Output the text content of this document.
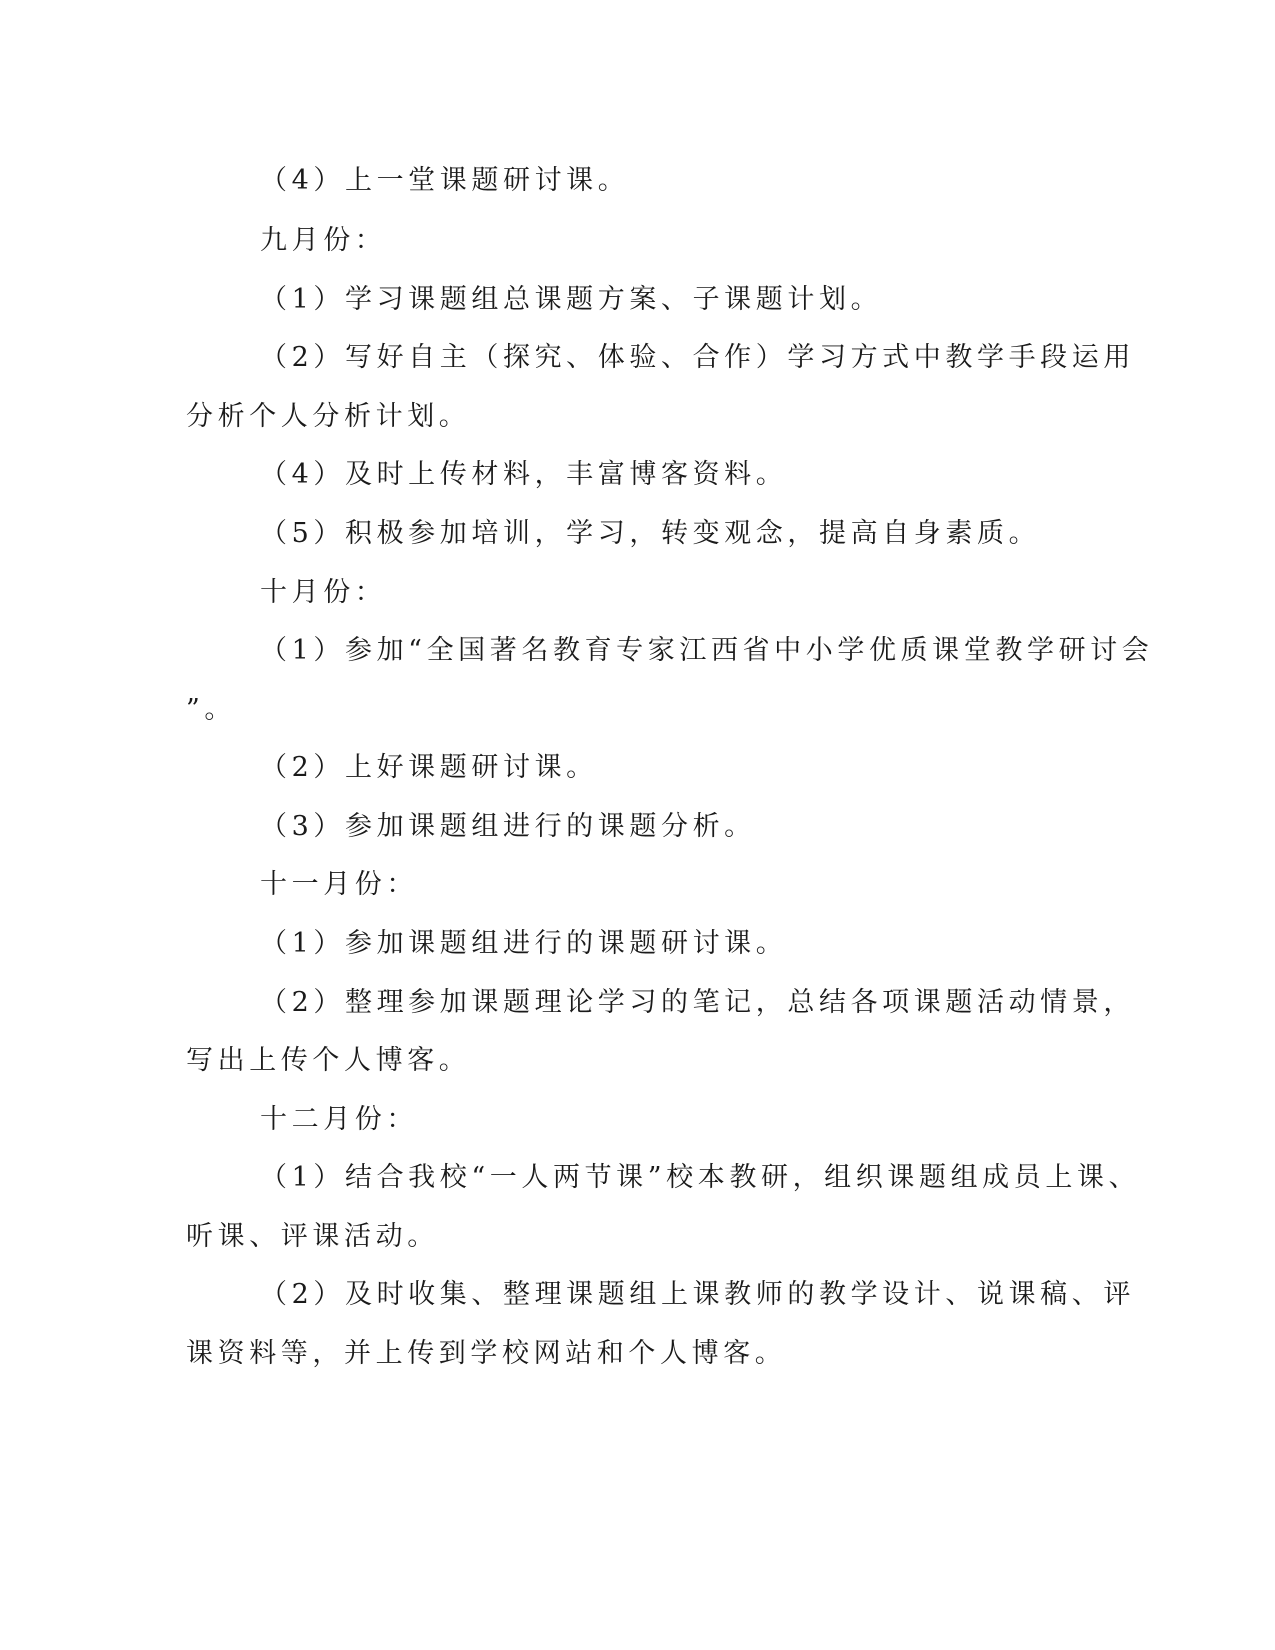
（4）上一堂课题研讨课。

九月份：

（1）学习课题组总课题方案、子课题计划。

（2）写好自主（探究、体验、合作）学习方式中教学手段运用

分析个人分析计划。

（4）及时上传材料，丰富博客资料。

（5）积极参加培训，学习，转变观念，提高自身素质。

十月份：

（1）参加“全国著名教育专家江西省中小学优质课堂教学研讨会

”。

（2）上好课题研讨课。

（3）参加课题组进行的课题分析。

十一月份：

（1）参加课题组进行的课题研讨课。

（2）整理参加课题理论学习的笔记，总结各项课题活动情景，

写出上传个人博客。

十二月份：

（1）结合我校“一人两节课”校本教研，组织课题组成员上课、

听课、评课活动。

（2）及时收集、整理课题组上课教师的教学设计、说课稿、评

课资料等，并上传到学校网站和个人博客。
